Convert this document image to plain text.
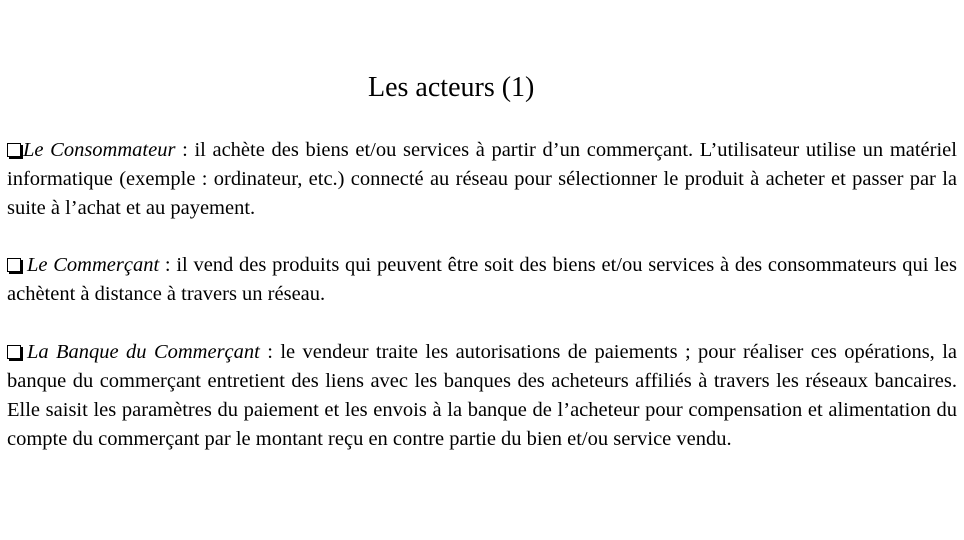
Les acteurs (1)
Le Consommateur : il achète des biens et/ou services à partir d’un commerçant. L’utilisateur utilise un matériel informatique (exemple : ordinateur, etc.) connecté au réseau pour sélectionner le produit à acheter et passer par la suite à l’achat et au payement.
Le Commerçant : il vend des produits qui peuvent être soit des biens et/ou services à des consommateurs qui les achètent à distance à travers un réseau.
La Banque du Commerçant : le vendeur traite les autorisations de paiements ; pour réaliser ces opérations, la banque du commerçant entretient des liens avec les banques des acheteurs affiliés à travers les réseaux bancaires. Elle saisit les paramètres du paiement et les envois à la banque de l’acheteur pour compensation et alimentation du compte du commerçant par le montant reçu en contre partie du bien et/ou service vendu.
